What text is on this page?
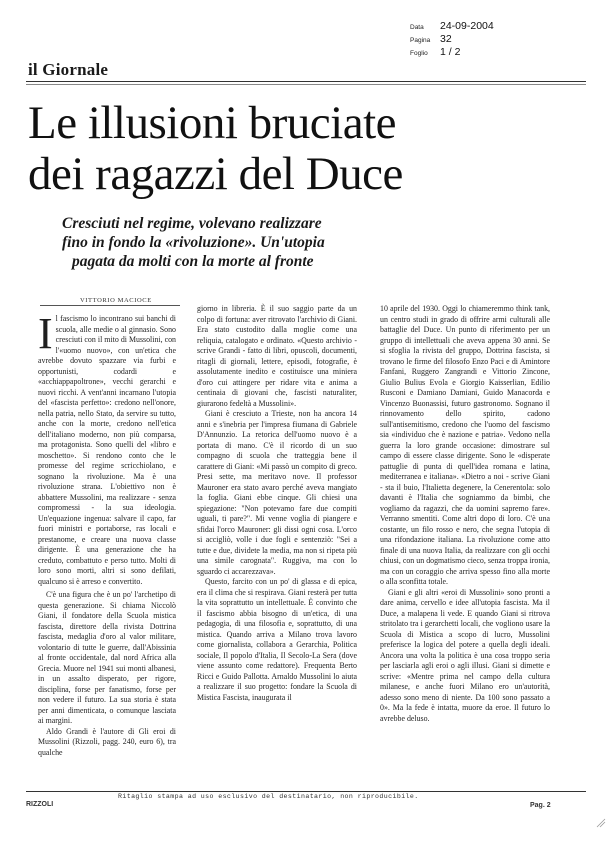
il Giornale
Data	24-09-2004
Pagina 32
Foglio	1 / 2
Le illusioni bruciate
dei ragazzi del Duce
Cresciuti nel regime, volevano realizzare
fino in fondo la «rivoluzione». Un'utopia
pagata da molti con la morte al fronte
VITTORIO MACIOCE
I l fascismo lo incontrano sui banchi di scuola, alle medie o al ginnasio. Sono cresciuti con il mito di Mussolini, con l'«uomo nuovo», con un'etica che avrebbe dovuto spazzare via furbi e opportunisti, codardi e «acchiappapoltrone», vecchi gerarchi e nuovi ricchi. A vent'anni incarnano l'utopia del «fascista perfetto»: credono nell'onore, nella patria, nello Stato, da servire su tutto, anche con la morte, credono nell'etica dell'italiano moderno, non più comparsa, ma protagonista. Sono quelli del «libro e moschetto». Si rendono conto che le promesse del regime scricchiolano, e sognano la rivoluzione. Ma è una rivoluzione strana. L'obiettivo non è abbattere Mussolini, ma realizzare - senza compromessi - la sua ideologia. Un'equazione ingenua: salvare il capo, far fuori ministri e portaborse, ras locali e prestanome, e creare una nuova classe dirigente. È una generazione che ha creduto, combattuto e perso tutto. Molti di loro sono morti, altri si sono defilati, qualcuno si è arreso e convertito.

C'è una figura che è un po' l'archetipo di questa generazione. Si chiama Niccolò Giani, il fondatore della Scuola mistica fascista, direttore della rivista Dottrina fascista, medaglia d'oro al valor militare, volontario di tutte le guerre, dall'Abissinia al fronte occidentale, dal nord Africa alla Grecia. Muore nel 1941 sui monti albanesi, in un assalto disperato, per rigore, disciplina, forse per fanatismo, forse per non vedere il futuro. La sua storia è stata per anni dimenticata, o comunque lasciata ai margini.

Aldo Grandi è l'autore di Gli eroi di Mussolini (Rizzoli, pagg. 240, euro 6), tra qualche

giorno in libreria. È il suo saggio parte da un colpo di fortuna: aver ritrovato l'archivio di Giani. Era stato custodito dalla moglie come una reliquia, catalogato e ordinato. «Questo archivio - scrive Grandi - fatto di libri, opuscoli, documenti, ritagli di giornali, lettere, episodi, fotografie, è assolutamente inedito e costituisce una miniera d'oro cui attingere per ridare vita e anima a centinaia di giovani che, fascisti naturaliter, giurarono fedeltà a Mussolini».

Giani è cresciuto a Trieste, non ha ancora 14 anni e s'inebria per l'impresa fiumana di Gabriele D'Annunzio. La retorica dell'uomo nuovo è a portata di mano. C'è il ricordo di un suo compagno di scuola che tratteggia bene il carattere di Giani: «Mi passò un compito di greco. Presi sette, ma meritavo nove. Il professor Mauroner era stato avaro perché aveva mangiato la foglia. Giani ebbe cinque. Gli chiesi una spiegazione: "Non potevamo fare due compiti uguali, ti pare?". Mi venne voglia di piangere e sfidai l'orco Mauroner: gli dissi ogni cosa. L'orco si accigliò, volle i due fogli e sentenziò: "Sei a tutte e due, dividete la media, ma non si ripeta più una simile carognata". Ruggiva, ma con lo sguardo ci accarezzava».

Questo, farcito con un po' di glassa e di epica, era il clima che si respirava. Giani resterà per tutta la vita soprattutto un intellettuale. È convinto che il fascismo abbia bisogno di un'etica, di una pedagogia, di una filosofia e, soprattutto, di una mistica. Quando arriva a Milano trova lavoro come giornalista, collabora a Gerarchia, Politica sociale, Il popolo d'Italia, Il Secolo-La Sera (dove viene assunto come redattore). Frequenta Berto Ricci e Guido Pallotta. Arnaldo Mussolini lo aiuta a realizzare il suo progetto: fondare la Scuola di Mistica Fascista, inaugurata il

10 aprile del 1930. Oggi lo chiameremmo think tank, un centro studi in grado di offrire armi culturali alle battaglie del Duce. Un punto di riferimento per un gruppo di intellettuali che aveva appena 30 anni. Se si sfoglia la rivista del gruppo, Dottrina fascista, si trovano le firme del filosofo Enzo Paci e di Amintore Fanfani, Ruggero Zangrandi e Vittorio Zincone, Giulio Bulius Evola e Giorgio Kaisserlian, Edilio Rusconi e Damiano Damiani, Guido Manacorda e Vincenzo Buonassisi, futuro gastronomo. Sognano il rinnovamento dello spirito, cadono sull'antisemitismo, credono che l'uomo del fascismo sia «individuo che è nazione e patria». Vedono nella guerra la loro grande occasione: dimostrare sul campo di essere classe dirigente. Sono le «disperate pattuglie di punta di quell'idea romana e latina, mediterranea e italiana». «Dietro a noi - scrive Giani - sta il buio, l'Italietta degenere, la Cenerentola: solo davanti è l'Italia che sogniammo da bimbi, che vogliamo da ragazzi, che da uomini sapremo fare». Verranno smentiti. Come altri dopo di loro. C'è una costante, un filo rosso e nero, che segna l'utopia di una rifondazione italiana. La rivoluzione come atto finale di una nuova Italia, da realizzare con gli occhi chiusi, con un dogmatismo cieco, senza troppa ironia, ma con un coraggio che arriva spesso fino alla morte o alla sconfitta totale.

Giani e gli altri «eroi di Mussolini» sono pronti a dare anima, cervello e idee all'utopia fascista. Ma il Duce, a malapena li vede. E quando Giani si ritrova stritolato tra i gerarchetti locali, che vogliono usare la Scuola di Mistica a scopo di lucro, Mussolini preferisce la logica del potere a quella degli ideali. Ancora una volta la politica è una cosa troppo seria per lasciarla agli eroi o agli illusi. Giani si dimette e scrive: «Mentre prima nel campo della cultura milanese, e anche fuori Milano ero un'autorità, adesso sono meno di niente. Da 100 sono passato a 0». Ma la fede è intatta, muore da eroe. Il futuro lo avrebbe deluso.

Ritaglio stampa ad uso esclusivo del destinatario, non riproducibile.
RIZZOLI	Pag. 2
